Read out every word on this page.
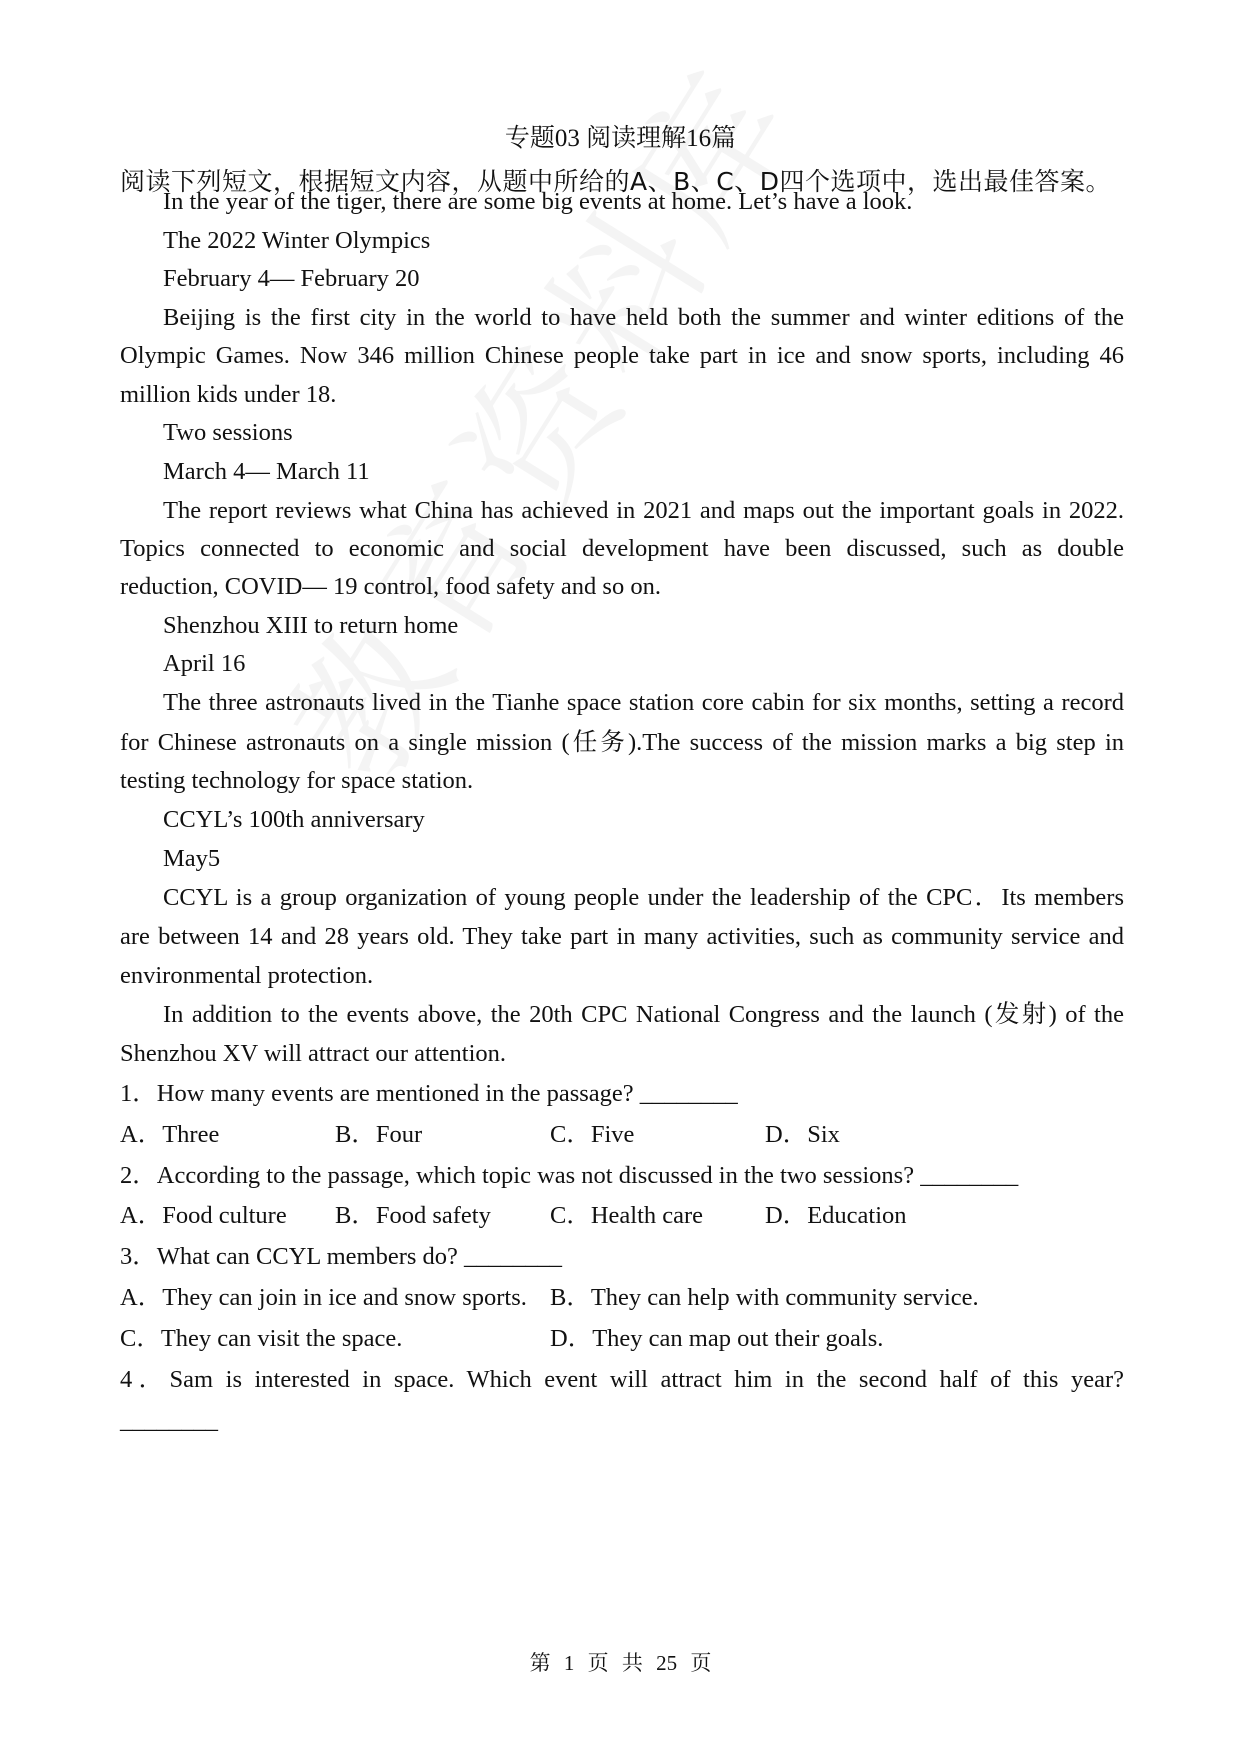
专题03 阅读理解16篇
阅读下列短文，根据短文内容，从题中所给的A、B、C、D四个选项中，选出最佳答案。
In the year of the tiger, there are some big events at home. Let’s have a look.
The 2022 Winter Olympics
February 4— February 20
Beijing is the first city in the world to have held both the summer and winter editions of the
Olympic Games. Now 346 million Chinese people take part in ice and snow sports, including 46
million kids under 18.
Two sessions
March 4— March 11
The report reviews what China has achieved in 2021 and maps out the important goals in 2022.
Topics connected to economic and social development have been discussed, such as double
reduction, COVID— 19 control, food safety and so on.
Shenzhou XIII to return home
April 16
The three astronauts lived in the Tianhe space station core cabin for six months, setting a record
for Chinese astronauts on a single mission (任务).The success of the mission marks a big step in
testing technology for space station.
CCYL’s 100th anniversary
May5
CCYL is a group organization of young people under the leadership of the CPC．Its members
are between 14 and 28 years old. They take part in many activities, such as community service and
environmental protection.
In addition to the events above, the 20th CPC National Congress and the launch (发射) of the
Shenzhou XV will attract our attention.
1．How many events are mentioned in the passage? ________
A．Three	B．Four	C．Five	D．Six
2．According to the passage, which topic was not discussed in the two sessions? ________
A．Food culture B．Food safety C．Health care	D．Education
3．What can CCYL members do? ________
A．They can join in ice and snow sports. B．They can help with community service.
C．They can visit the space.	D．They can map out their goals.
4．Sam is interested in space. Which event will attract him in the second half of this year?
________
第 1 页 共 25 页
